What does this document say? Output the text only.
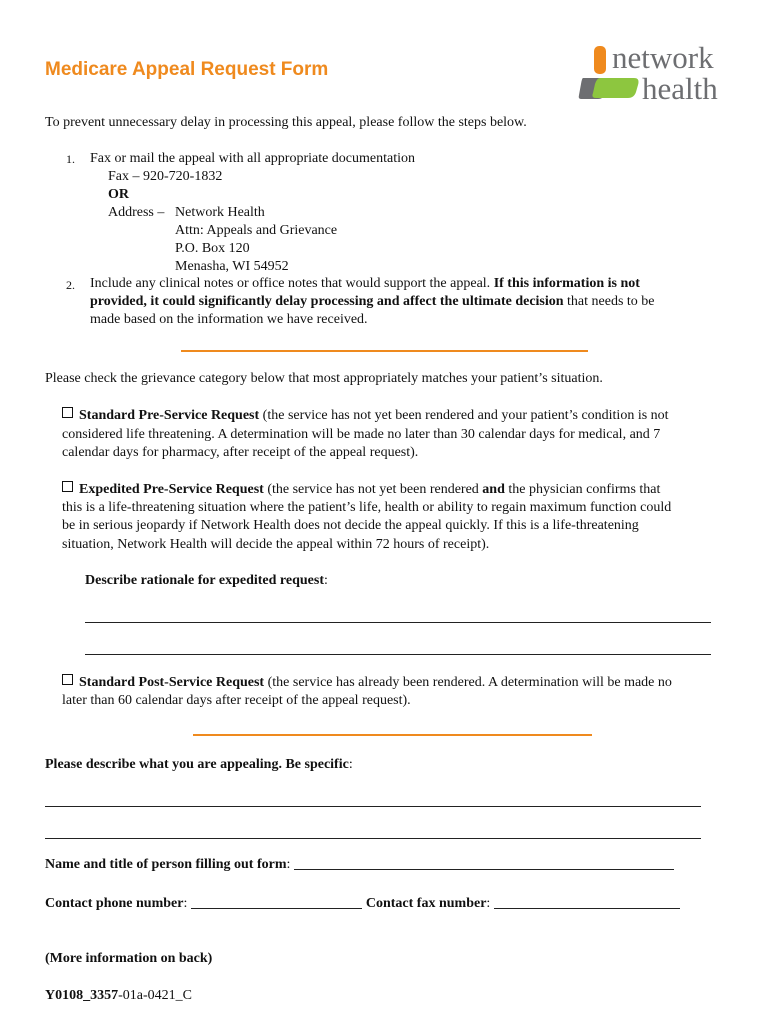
Medicare Appeal Request Form	network
health
To prevent unnecessary delay in processing this appeal, please follow the steps below.
1. Fax or mail the appeal with all appropriate documentation
Fax – 920-720-1832
OR
Address – Network Health
Attn: Appeals and Grievance
P.O. Box 120
Menasha, WI 54952
2. Include any clinical notes or office notes that would support the appeal. If this information is not
provided, it could significantly delay processing and affect the ultimate decision that needs to be
made based on the information we have received.
Please check the grievance category below that most appropriately matches your patient’s situation.
Standard Pre-Service Request (the service has not yet been rendered and your patient’s condition is not
considered life threatening. A determination will be made no later than 30 calendar days for medical, and 7
calendar days for pharmacy, after receipt of the appeal request).
Expedited Pre-Service Request (the service has not yet been rendered and the physician confirms that
this is a life-threatening situation where the patient’s life, health or ability to regain maximum function could
be in serious jeopardy if Network Health does not decide the appeal quickly. If this is a life-threatening
situation, Network Health will decide the appeal within 72 hours of receipt).
Describe rationale for expedited request:
Standard Post-Service Request (the service has already been rendered. A determination will be made no
later than 60 calendar days after receipt of the appeal request).
Please describe what you are appealing. Be specific:
Name and title of person filling out form:
Contact phone number:	Contact fax number:
(More information on back)
Y0108_3357-01a-0421_C
